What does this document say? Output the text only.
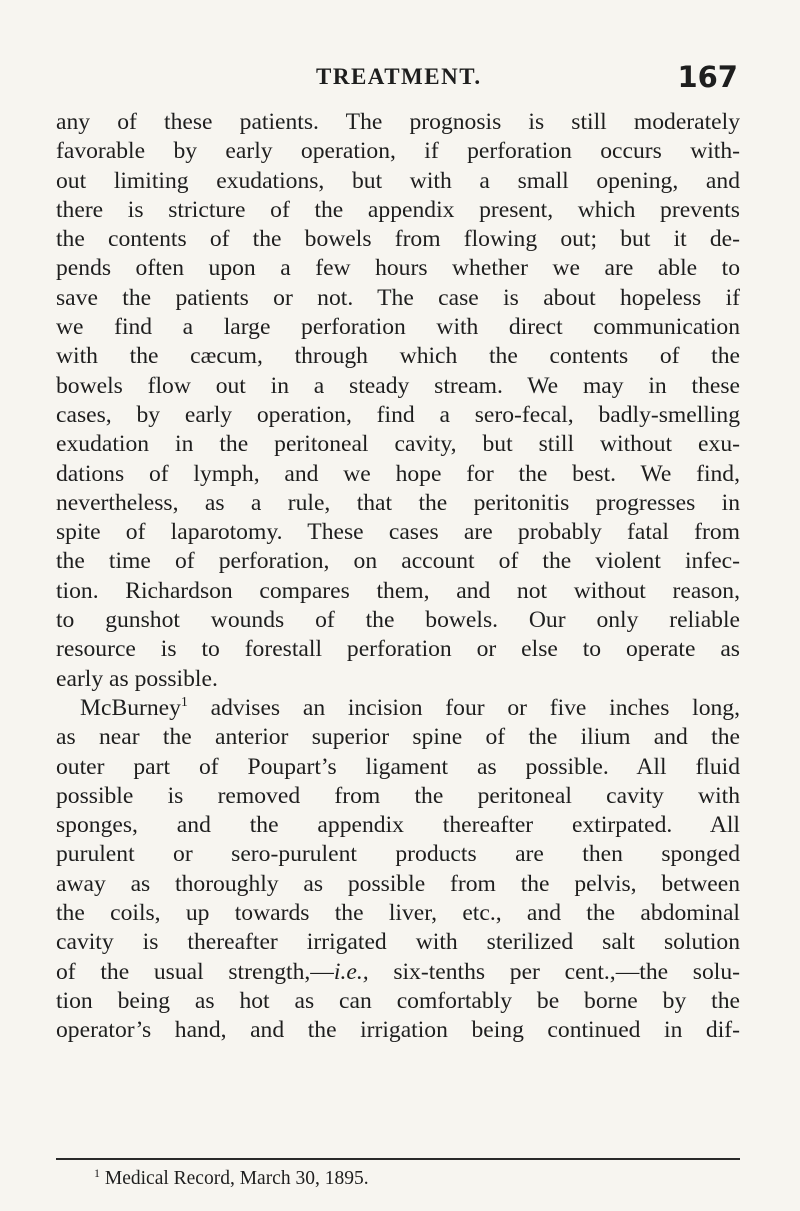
TREATMENT.	167
any of these patients. The prognosis is still moderately
favorable by early operation, if perforation occurs with-
out limiting exudations, but with a small opening, and
there is stricture of the appendix present, which prevents
the contents of the bowels from flowing out; but it de-
pends often upon a few hours whether we are able to
save the patients or not. The case is about hopeless if
we find a large perforation with direct communication
with the cæcum, through which the contents of the
bowels flow out in a steady stream. We may in these
cases, by early operation, find a sero-fecal, badly-smelling
exudation in the peritoneal cavity, but still without exu-
dations of lymph, and we hope for the best. We find,
nevertheless, as a rule, that the peritonitis progresses in
spite of laparotomy. These cases are probably fatal from
the time of perforation, on account of the violent infec-
tion. Richardson compares them, and not without reason,
to gunshot wounds of the bowels. Our only reliable
resource is to forestall perforation or else to operate as
early as possible.
McBurney$^1$ advises an incision four or five inches long,
as near the anterior superior spine of the ilium and the
outer part of Poupart’s ligament as possible. All fluid
possible is removed from the peritoneal cavity with
sponges, and the appendix thereafter extirpated. All
purulent or sero-purulent products are then sponged
away as thoroughly as possible from the pelvis, between
the coils, up towards the liver, etc., and the abdominal
cavity is thereafter irrigated with sterilized salt solution
of the usual strength,—i.e., six-tenths per cent.,—the solu-
tion being as hot as can comfortably be borne by the
operator’s hand, and the irrigation being continued in dif-
$^1$ Medical Record, March 30, 1895.
